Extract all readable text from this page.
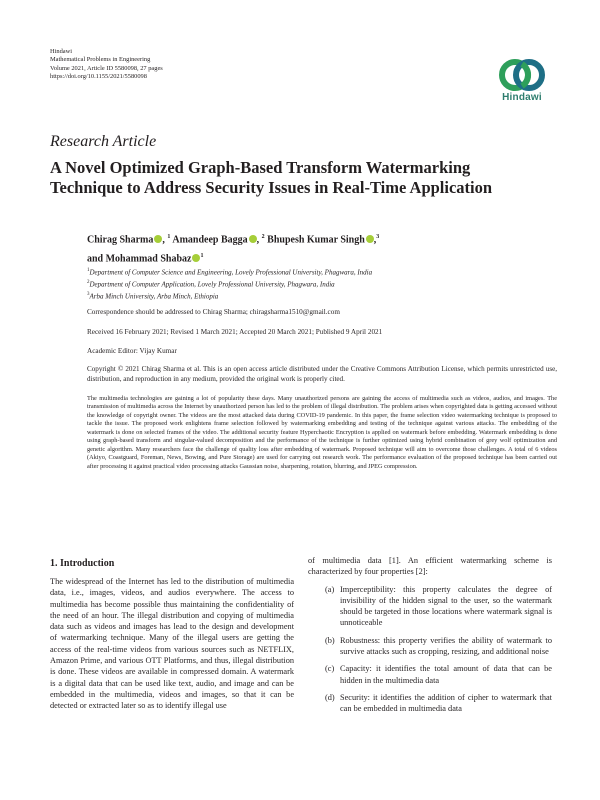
Hindawi
Mathematical Problems in Engineering
Volume 2021, Article ID 5580098, 27 pages
https://doi.org/10.1155/2021/5580098
Hindawi
Research Article
A Novel Optimized Graph-Based Transform Watermarking
Technique to Address Security Issues in Real-Time Application
Chirag Sharma , $^1$ Amandeep Bagga , $^2$ Bhupesh Kumar Singh ,$^3$
and Mohammad Shabaz $^1$
$^1$Department of Computer Science and Engineering, Lovely Professional University, Phagwara, India
$^2$Department of Computer Application, Lovely Professional University, Phagwara, India
$^3$Arba Minch University, Arba Minch, Ethiopia
Correspondence should be addressed to Chirag Sharma; chiragsharma1510@gmail.com
Received 16 February 2021; Revised 1 March 2021; Accepted 20 March 2021; Published 9 April 2021
Academic Editor: Vijay Kumar
Copyright © 2021 Chirag Sharma et al. This is an open access article distributed under the Creative Commons Attribution License, which permits unrestricted use, distribution, and reproduction in any medium, provided the original work is properly cited.
The multimedia technologies are gaining a lot of popularity these days. Many unauthorized persons are gaining the access of multimedia such as videos, audios, and images. The transmission of multimedia across the Internet by unauthorized person has led to the problem of illegal distribution. The problem arises when copyrighted data is getting accessed without the knowledge of copyright owner. The videos are the most attacked data during COVID-19 pandemic. In this paper, the frame selection video watermarking technique is proposed to tackle the issue. The proposed work enlightens frame selection followed by watermarking embedding and testing of the technique against various attacks. The embedding of the watermark is done on selected frames of the video. The additional security feature Hyperchaotic Encryption is applied on watermark before embedding. Watermark embedding is done using graph-based transform and singular-valued decomposition and the performance of the technique is further optimized using hybrid combination of grey wolf optimization and genetic algorithm. Many researchers face the challenge of quality loss after embedding of watermark. Proposed technique will aim to overcome those challenges. A total of 6 videos (Akiyo, Coastguard, Foreman, News, Bowing, and Pure Storage) are used for carrying out research work. The performance evaluation of the proposed technique has been carried out after processing it against practical video processing attacks Gaussian noise, sharpening, rotation, blurring, and JPEG compression.
1. Introduction
The widespread of the Internet has led to the distribution of multimedia data, i.e., images, videos, and audios everywhere. The access to multimedia has become possible thus maintaining the confidentiality of the need of an hour. The illegal distribution and copying of multimedia data such as videos and images has lead to the design and development of watermarking technique. Many of the illegal users are getting the access of the real-time videos from various sources such as NETFLIX, Amazon Prime, and various OTT Platforms, and thus, illegal distribution is done. These videos are available in compressed domain. A watermark is a digital data that can be used like text, audio, and image and can be embedded in the multimedia, videos and images, so that it can be detected or extracted later so as to identify illegal use
of multimedia data [1]. An efficient watermarking scheme is characterized by four properties [2]:
(a) Imperceptibility: this property calculates the degree of invisibility of the hidden signal to the user, so the watermark should be targeted in those locations where watermark signal is unnoticeable
(b) Robustness: this property verifies the ability of watermark to survive attacks such as cropping, resizing, and additional noise
(c) Capacity: it identifies the total amount of data that can be hidden in the multimedia data
(d) Security: it identifies the addition of cipher to watermark that can be embedded in multimedia data
